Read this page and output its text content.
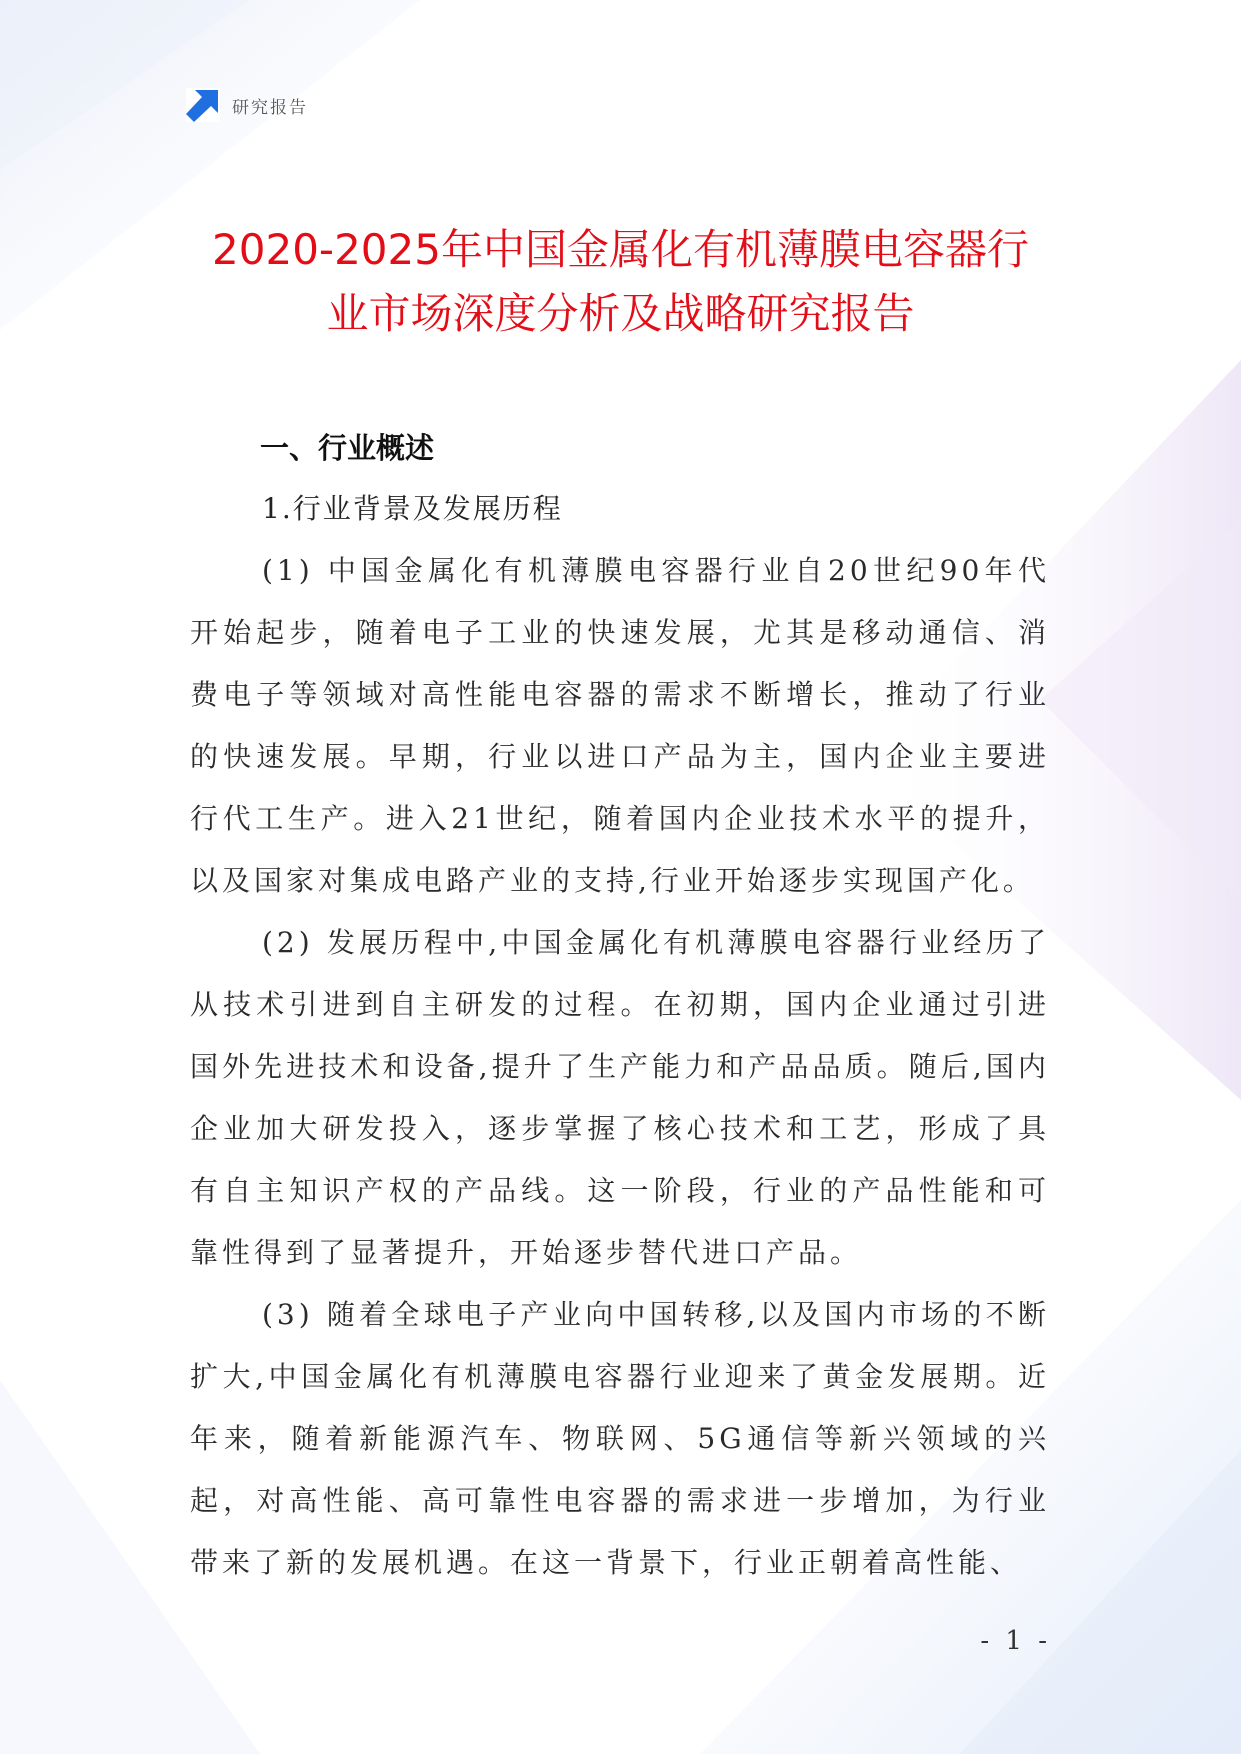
研究报告
2020-2025年中国金属化有机薄膜电容器行
业市场深度分析及战略研究报告

一、行业概述

1.行业背景及发展历程

(1) 中国金属化有机薄膜电容器行业自20世纪90年代开始起步，随着电子工业的快速发展，尤其是移动通信、消费电子等领域对高性能电容器的需求不断增长，推动了行业的快速发展。早期，行业以进口产品为主，国内企业主要进行代工生产。进入21世纪，随着国内企业技术水平的提升，以及国家对集成电路产业的支持,行业开始逐步实现国产化。

(2) 发展历程中,中国金属化有机薄膜电容器行业经历了从技术引进到自主研发的过程。在初期，国内企业通过引进国外先进技术和设备,提升了生产能力和产品品质。随后,国内企业加大研发投入，逐步掌握了核心技术和工艺，形成了具有自主知识产权的产品线。这一阶段，行业的产品性能和可靠性得到了显著提升，开始逐步替代进口产品。

(3) 随着全球电子产业向中国转移,以及国内市场的不断扩大,中国金属化有机薄膜电容器行业迎来了黄金发展期。近年来，随着新能源汽车、物联网、5G通信等新兴领域的兴起，对高性能、高可靠性电容器的需求进一步增加，为行业带来了新的发展机遇。在这一背景下，行业正朝着高性能、

- 1 -
